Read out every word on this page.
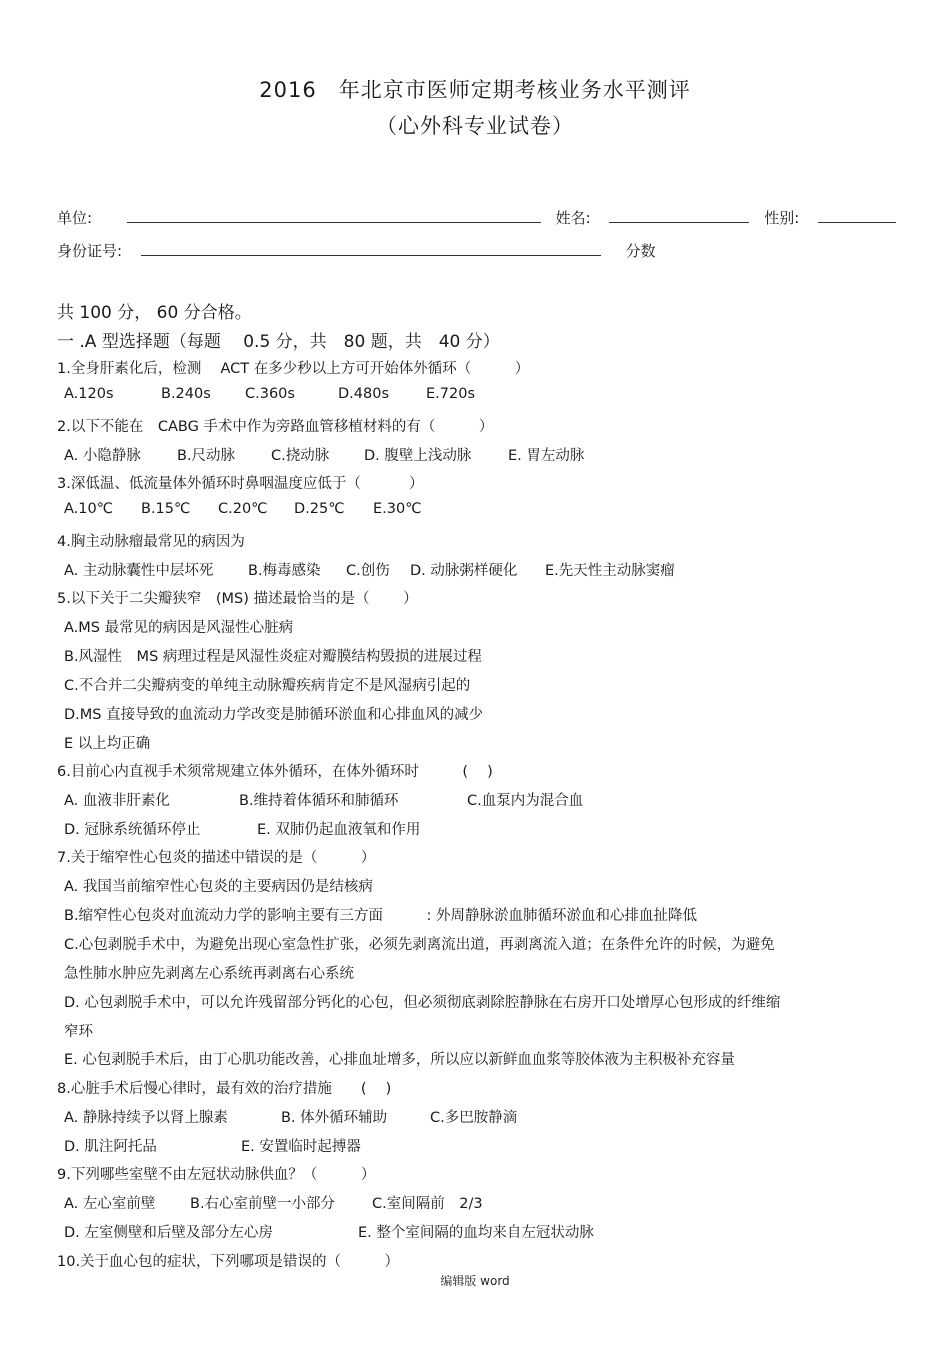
2016　年北京市医师定期考核业务水平测评
（心外科专业试卷）
单位:	姓名:	性别:
身份证号:	分数
共 100 分， 60 分合格。
一 .A 型选择题（每题　 0.5 分，共　80 题，共　40 分）
1.全身肝素化后，检测　 ACT 在多少秒以上方可开始体外循环（　　　）
A.120s	B.240s C.360s	D.480s	E.720s
2.以下不能在　CABG 手术中作为旁路血管移植材料的有（　　　）
A. 小隐静脉 B.尺动脉 C.挠动脉 D. 腹壁上浅动脉	E. 胃左动脉
3.深低温、低流量体外循环时鼻咽温度应低于（　　　 ）
A.10℃ B.15℃ C.20℃ D.25℃ E.30℃
4.胸主动脉瘤最常见的病因为
A. 主动脉囊性中层坏死 B.梅毒感染 C.创伤 D. 动脉粥样硬化 E.先天性主动脉窦瘤
5.以下关于二尖瓣狭窄　(MS) 描述最恰当的是（　　 ）
A.MS 最常见的病因是风湿性心脏病
B.风湿性　MS 病理过程是风湿性炎症对瓣膜结构毁损的进展过程
C.不合并二尖瓣病变的单纯主动脉瓣疾病肯定不是风湿病引起的
D.MS 直接导致的血流动力学改变是肺循环淤血和心排血风的减少
E 以上均正确
6.目前心内直视手术须常规建立体外循环，在体外循环时　　　(　 )
A. 血液非肝素化	B.维持着体循环和肺循环	C.血泵内为混合血
D. 冠脉系统循环停止	E. 双肺仍起血液氧和作用
7.关于缩窄性心包炎的描述中错误的是（　　　）
A. 我国当前缩窄性心包炎的主要病因仍是结核病
B.缩窄性心包炎对血流动力学的影响主要有三方面　　　: 外周静脉淤血肺循环淤血和心排血扯降低
C.心包剥脱手术中，为避免出现心室急性扩张，必须先剥离流出道，再剥离流入道；在条件允许的时候，为避免
急性肺水肿应先剥离左心系统再剥离右心系统
D. 心包剥脱手术中，可以允许残留部分钙化的心包，但必须彻底剥除腔静脉在右房开口处增厚心包形成的纤维缩
窄环
E. 心包剥脱手术后，由丁心肌功能改善，心排血址增多，所以应以新鲜血血浆等胶体液为主积极补充容量
8.心脏手术后慢心律时，最有效的治疗措施　　(　 )
A. 静脉持续予以肾上腺素	B. 体外循环辅助	C.多巴胺静滴
D. 肌注阿托品	E. 安置临时起搏器
9.下列哪些室壁不由左冠状动脉供血？（　　　）
A. 左心室前壁 B.右心室前壁一小部分	C.室间隔前　2/3
D. 左室侧壁和后壁及部分左心房	E. 整个室间隔的血均来自左冠状动脉
10.关于血心包的症状，下列哪项是错误的（　　　）
编辑版 word
